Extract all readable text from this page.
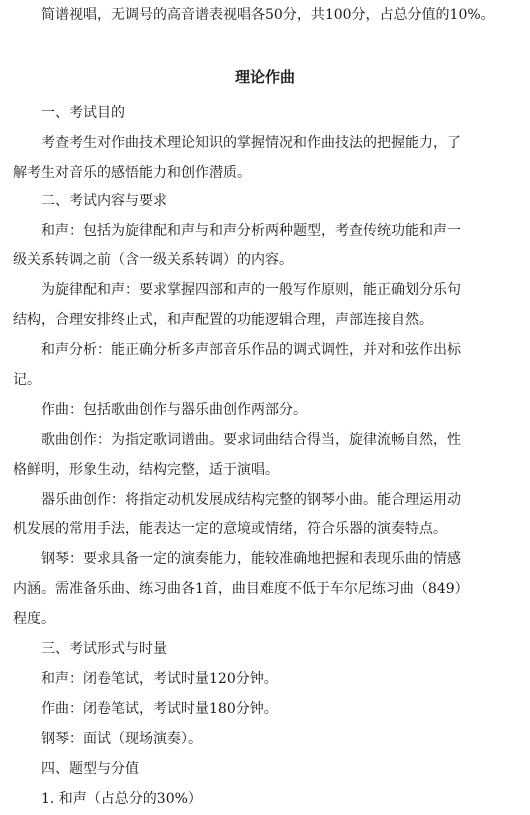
简谱视唱，无调号的高音谱表视唱各50分，共100分，占总分值的10%。
理论作曲
一、考试目的
考查考生对作曲技术理论知识的掌握情况和作曲技法的把握能力，了
解考生对音乐的感悟能力和创作潜质。
二、考试内容与要求
和声：包括为旋律配和声与和声分析两种题型，考查传统功能和声一
级关系转调之前（含一级关系转调）的内容。
为旋律配和声：要求掌握四部和声的一般写作原则，能正确划分乐句
结构，合理安排终止式，和声配置的功能逻辑合理，声部连接自然。
和声分析：能正确分析多声部音乐作品的调式调性，并对和弦作出标
记。
作曲：包括歌曲创作与器乐曲创作两部分。
歌曲创作：为指定歌词谱曲。要求词曲结合得当，旋律流畅自然，性
格鲜明，形象生动，结构完整，适于演唱。
器乐曲创作：将指定动机发展成结构完整的钢琴小曲。能合理运用动
机发展的常用手法，能表达一定的意境或情绪，符合乐器的演奏特点。
钢琴：要求具备一定的演奏能力，能较准确地把握和表现乐曲的情感
内涵。需准备乐曲、练习曲各1首，曲目难度不低于车尔尼练习曲（849）
程度。
三、考试形式与时量
和声：闭卷笔试，考试时量120分钟。
作曲：闭卷笔试，考试时量180分钟。
钢琴：面试（现场演奏）。
四、题型与分值
1. 和声（占总分的30%）
